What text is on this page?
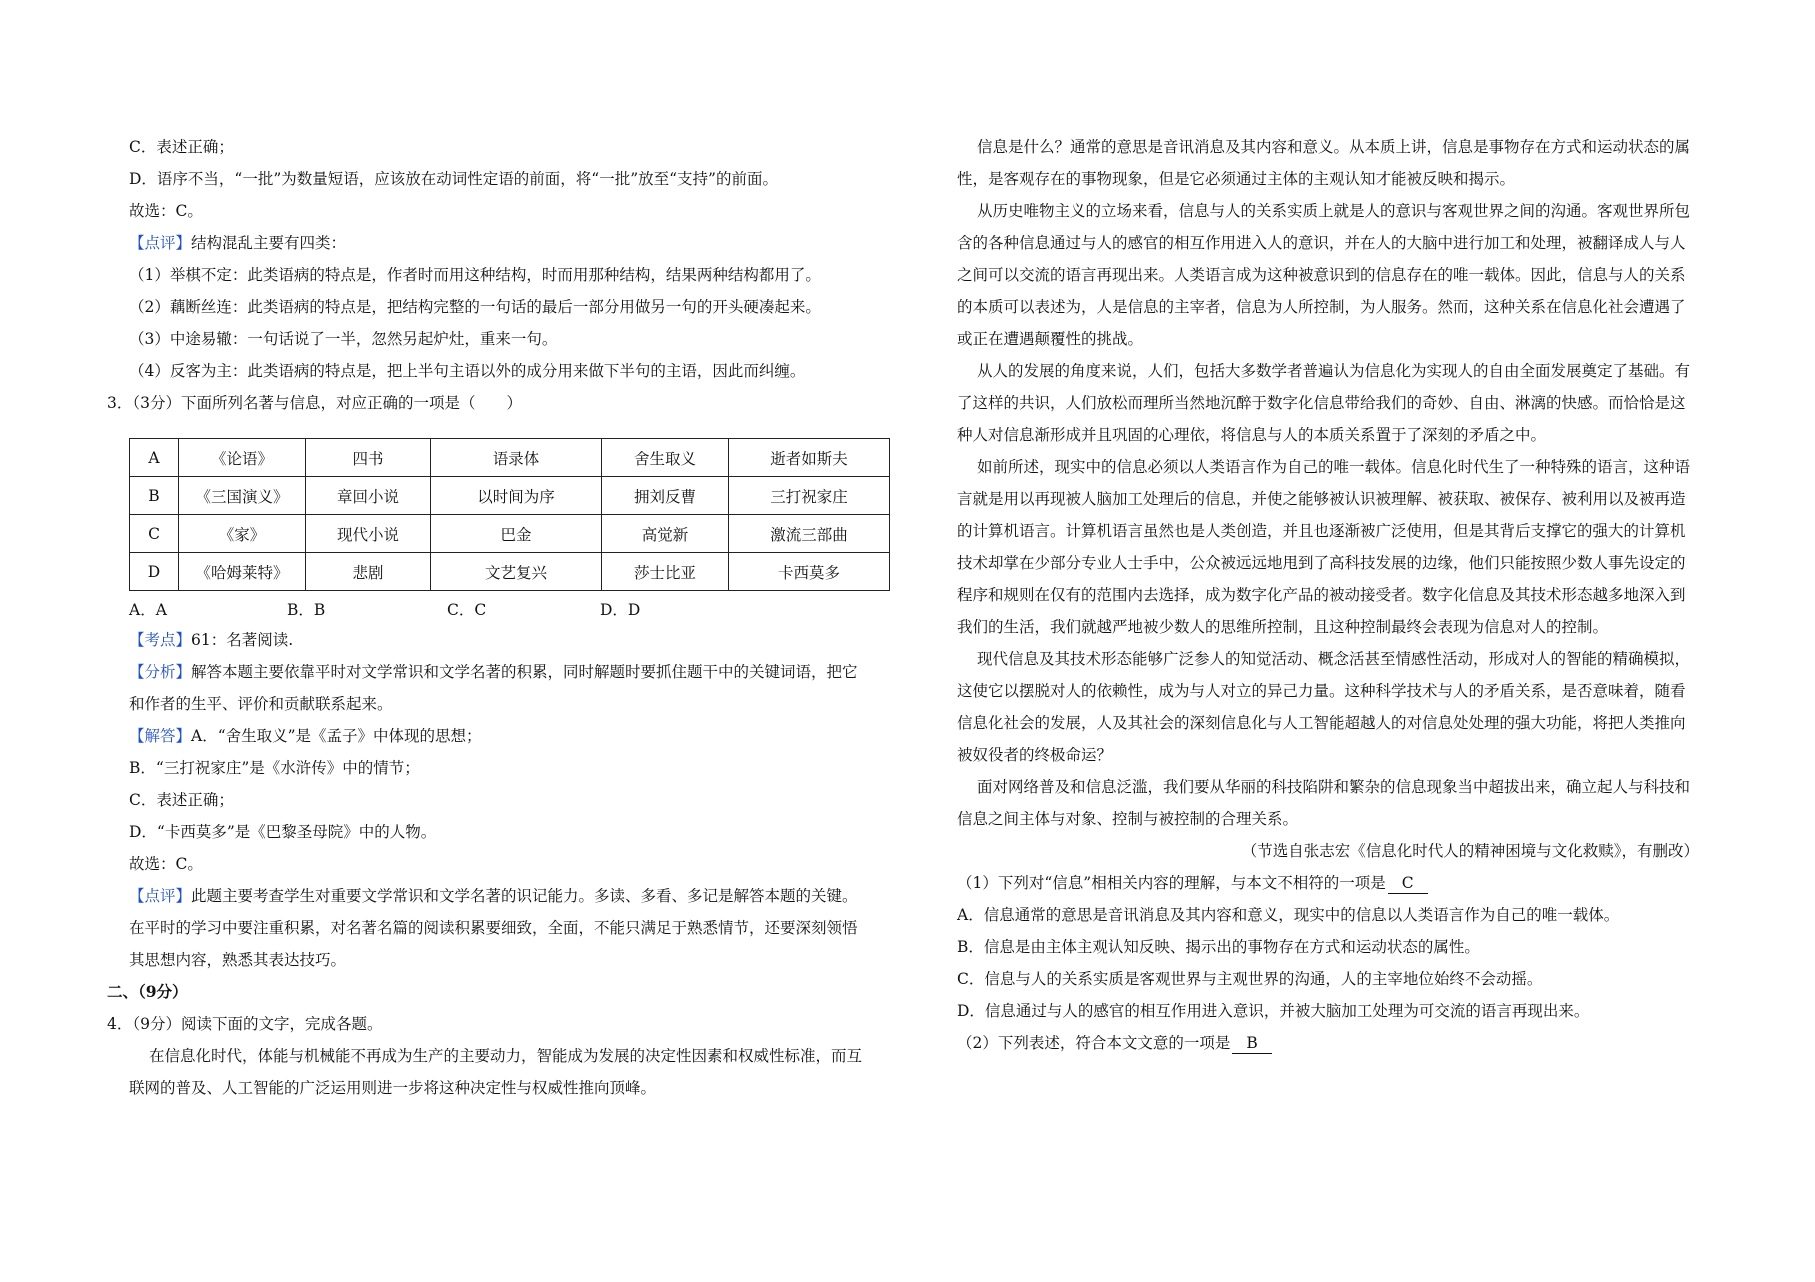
C．表述正确；
D．语序不当，“一批”为数量短语，应该放在动词性定语的前面，将“一批”放至“支持”的前面。
故选：C。
【点评】结构混乱主要有四类：
（1）举棋不定：此类语病的特点是，作者时而用这种结构，时而用那种结构，结果两种结构都用了。
（2）藕断丝连：此类语病的特点是，把结构完整的一句话的最后一部分用做另一句的开头硬凑起来。
（3）中途易辙：一句话说了一半，忽然另起炉灶，重来一句。
（4）反客为主：此类语病的特点是，把上半句主语以外的成分用来做下半句的主语，因此而纠缠。
3．（3分）下面所列名著与信息，对应正确的一项是（　　）
A	《论语》	四书	语录体	舍生取义	逝者如斯夫
B	《三国演义》	章回小说	以时间为序	拥刘反曹	三打祝家庄
C	《家》	现代小说	巴金	高觉新	激流三部曲
D	《哈姆莱特》	悲剧	文艺复兴	莎士比亚	卡西莫多
A．A	B．B	C．C	D．D
【考点】61：名著阅读.
【分析】解答本题主要依靠平时对文学常识和文学名著的积累，同时解题时要抓住题干中的关键词语，把它
和作者的生平、评价和贡献联系起来。
【解答】A．“舍生取义”是《孟子》中体现的思想；
B．“三打祝家庄”是《水浒传》中的情节；
C．表述正确；
D．“卡西莫多”是《巴黎圣母院》中的人物。
故选：C。
【点评】此题主要考查学生对重要文学常识和文学名著的识记能力。多读、多看、多记是解答本题的关键。
在平时的学习中要注重积累，对名著名篇的阅读积累要细致，全面，不能只满足于熟悉情节，还要深刻领悟
其思想内容，熟悉其表达技巧。
二、（9分）
4．（9分）阅读下面的文字，完成各题。
在信息化时代，体能与机械能不再成为生产的主要动力，智能成为发展的决定性因素和权威性标准，而互
联网的普及、人工智能的广泛运用则进一步将这种决定性与权威性推向顶峰。
信息是什么？通常的意思是音讯消息及其内容和意义。从本质上讲，信息是事物存在方式和运动状态的属
性，是客观存在的事物现象，但是它必须通过主体的主观认知才能被反映和揭示。
从历史唯物主义的立场来看，信息与人的关系实质上就是人的意识与客观世界之间的沟通。客观世界所包
含的各种信息通过与人的感官的相互作用进入人的意识，并在人的大脑中进行加工和处理，被翻译成人与人
之间可以交流的语言再现出来。人类语言成为这种被意识到的信息存在的唯一载体。因此，信息与人的关系
的本质可以表述为，人是信息的主宰者，信息为人所控制，为人服务。然而，这种关系在信息化社会遭遇了
或正在遭遇颠覆性的挑战。
从人的发展的角度来说，人们，包括大多数学者普遍认为信息化为实现人的自由全面发展奠定了基础。有
了这样的共识，人们放松而理所当然地沉醉于数字化信息带给我们的奇妙、自由、淋漓的快感。而恰恰是这
种人对信息渐形成并且巩固的心理依，将信息与人的本质关系置于了深刻的矛盾之中。
如前所述，现实中的信息必须以人类语言作为自己的唯一载体。信息化时代生了一种特殊的语言，这种语
言就是用以再现被人脑加工处理后的信息，并使之能够被认识被理解、被获取、被保存、被利用以及被再造
的计算机语言。计算机语言虽然也是人类创造，并且也逐渐被广泛使用，但是其背后支撑它的强大的计算机
技术却掌在少部分专业人士手中，公众被远远地甩到了高科技发展的边缘，他们只能按照少数人事先设定的
程序和规则在仅有的范围内去选择，成为数字化产品的被动接受者。数字化信息及其技术形态越多地深入到
我们的生活，我们就越严地被少数人的思维所控制，且这种控制最终会表现为信息对人的控制。
现代信息及其技术形态能够广泛参人的知觉活动、概念活甚至情感性活动，形成对人的智能的精确模拟，
这使它以摆脱对人的依赖性，成为与人对立的异己力量。这种科学技术与人的矛盾关系，是否意味着，随看
信息化社会的发展，人及其社会的深刻信息化与人工智能超越人的对信息处处理的强大功能，将把人类推向
被奴役者的终极命运？
面对网络普及和信息泛滥，我们要从华丽的科技陷阱和繁杂的信息现象当中超拔出来，确立起人与科技和
信息之间主体与对象、控制与被控制的合理关系。
（节选自张志宏《信息化时代人的精神困境与文化救赎》，有删改）
（1）下列对“信息”相相关内容的理解，与本文不相符的一项是 C
A．信息通常的意思是音讯消息及其内容和意义，现实中的信息以人类语言作为自己的唯一载体。
B．信息是由主体主观认知反映、揭示出的事物存在方式和运动状态的属性。
C．信息与人的关系实质是客观世界与主观世界的沟通，人的主宰地位始终不会动摇。
D．信息通过与人的感官的相互作用进入意识，并被大脑加工处理为可交流的语言再现出来。
（2）下列表述，符合本文文意的一项是 B
